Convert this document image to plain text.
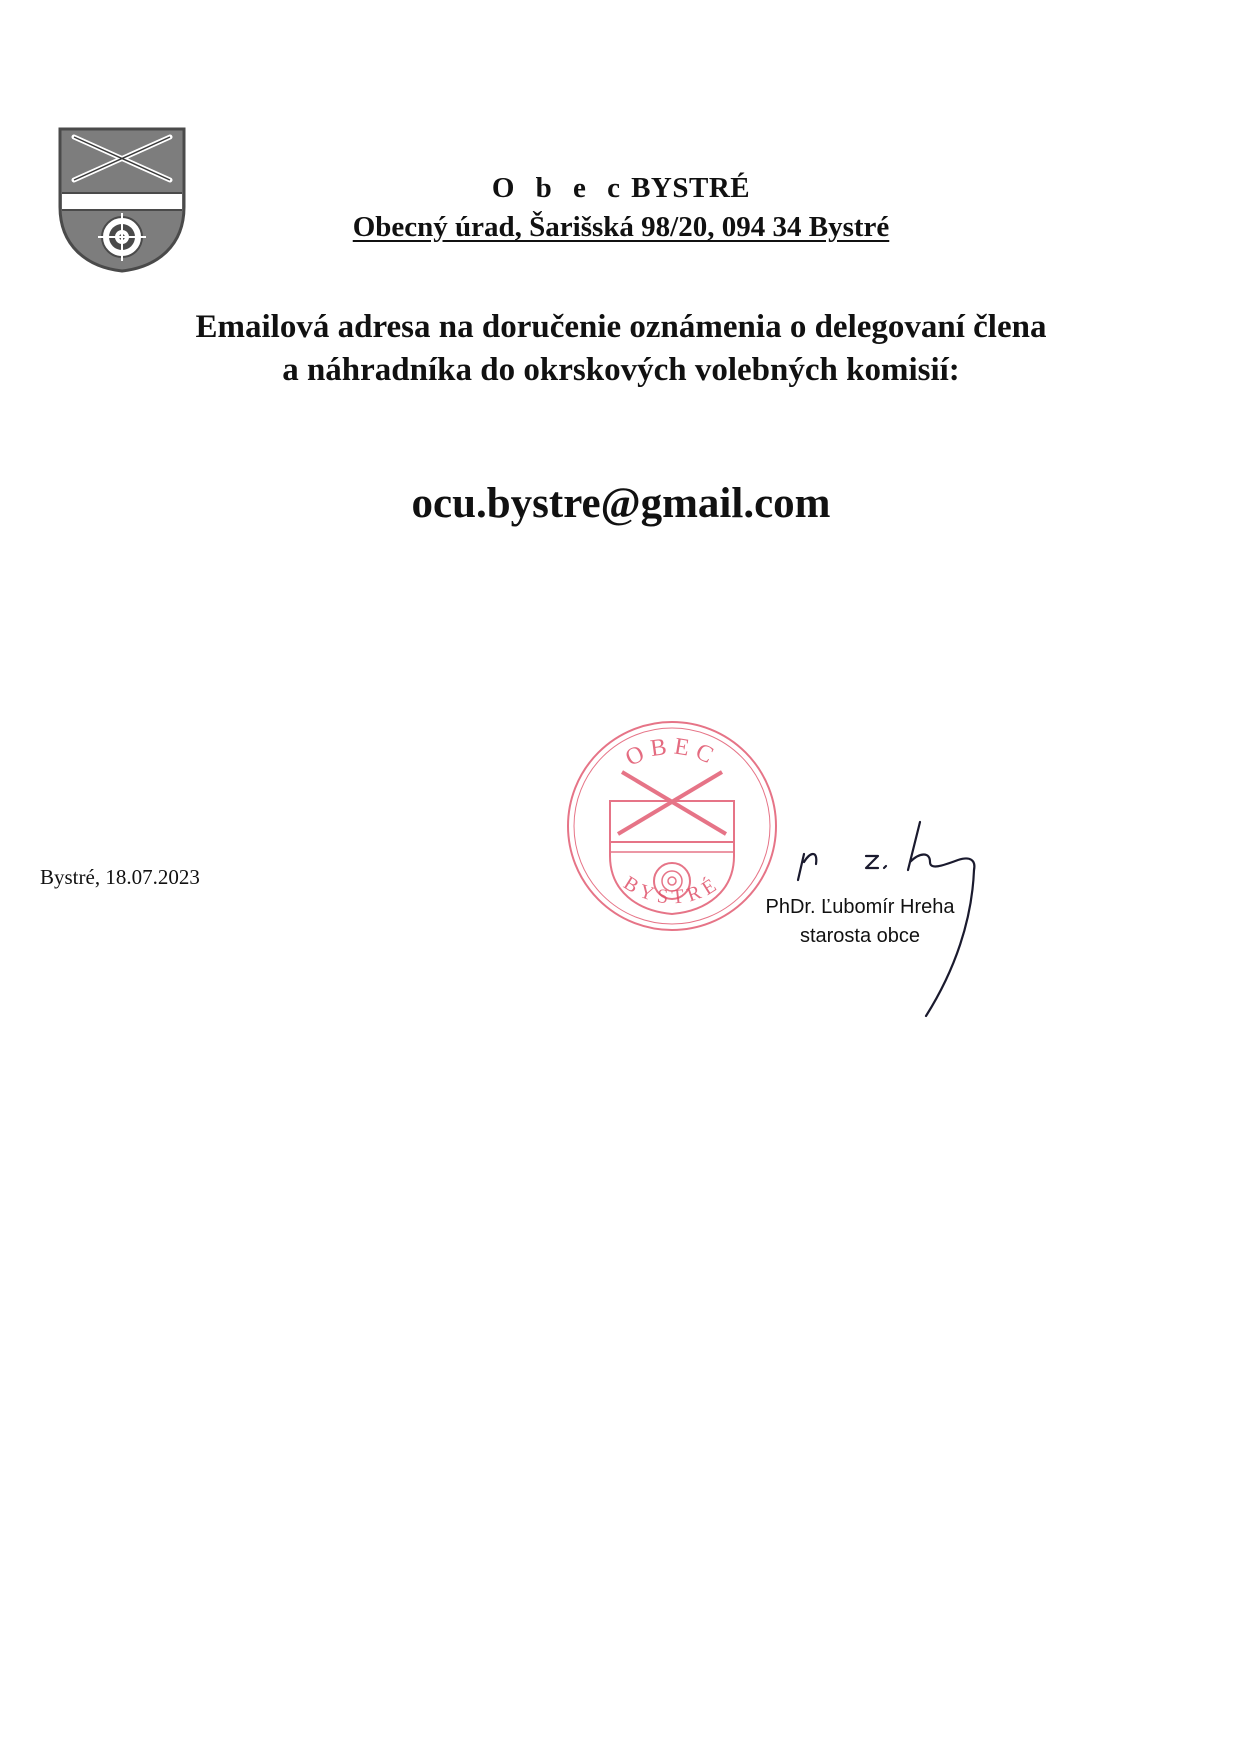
O b e c BYSTRÉ
Obecný úrad, Šarišská 98/20, 094 34 Bystré
Emailová adresa na doručenie oznámenia o delegovaní člena
a náhradníka do okrskových volebných komisií:
ocu.bystre@gmail.com
Bystré, 18.07.2023
OBEC
BYSTRÉ
PhDr. Ľubomír Hreha
starosta obce
